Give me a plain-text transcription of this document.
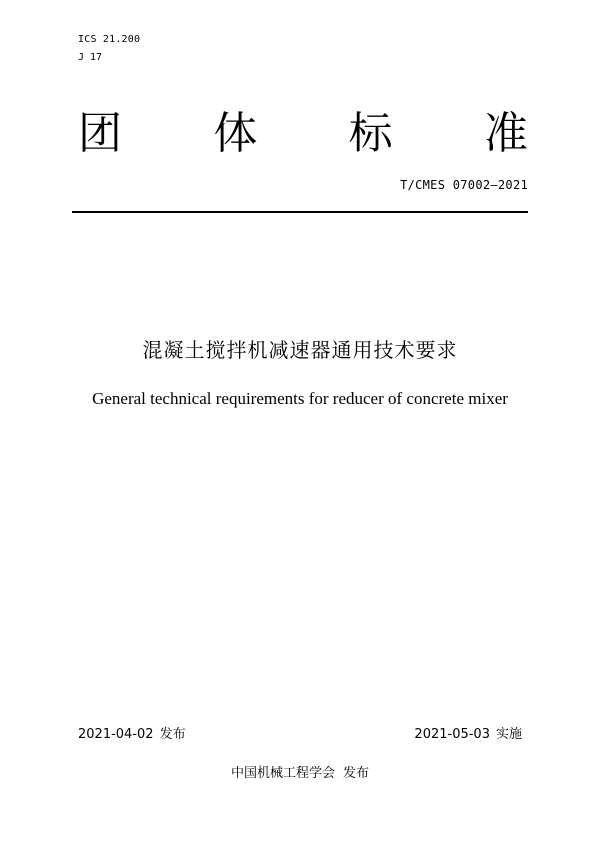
ICS 21.200
J 17
团 体 标 准
T/CMES 07002—2021
混凝土搅拌机减速器通用技术要求
General technical requirements for reducer of concrete mixer
2021-04-02 发布	2021-05-03 实施
中国机械工程学会 发布
